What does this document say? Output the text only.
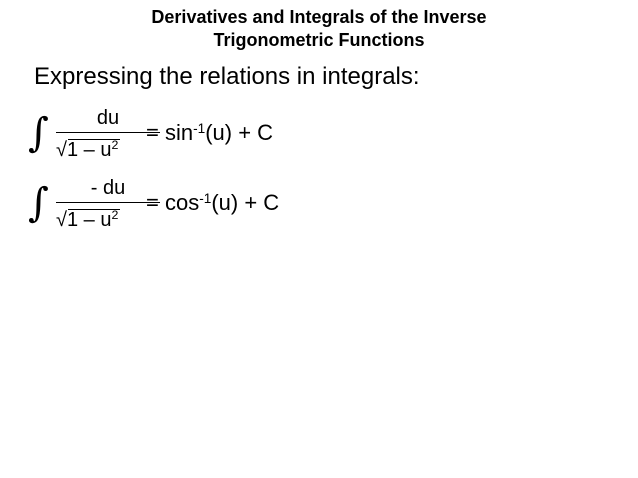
Derivatives and Integrals of the Inverse
Trigonometric Functions
Expressing the relations in integrals:
∫	du
$√1 - u^2$
= $\sin^{-1}(u) + C$
∫	- du
$√1 - u^2$
= $\cos^{-1}(u) + C$
